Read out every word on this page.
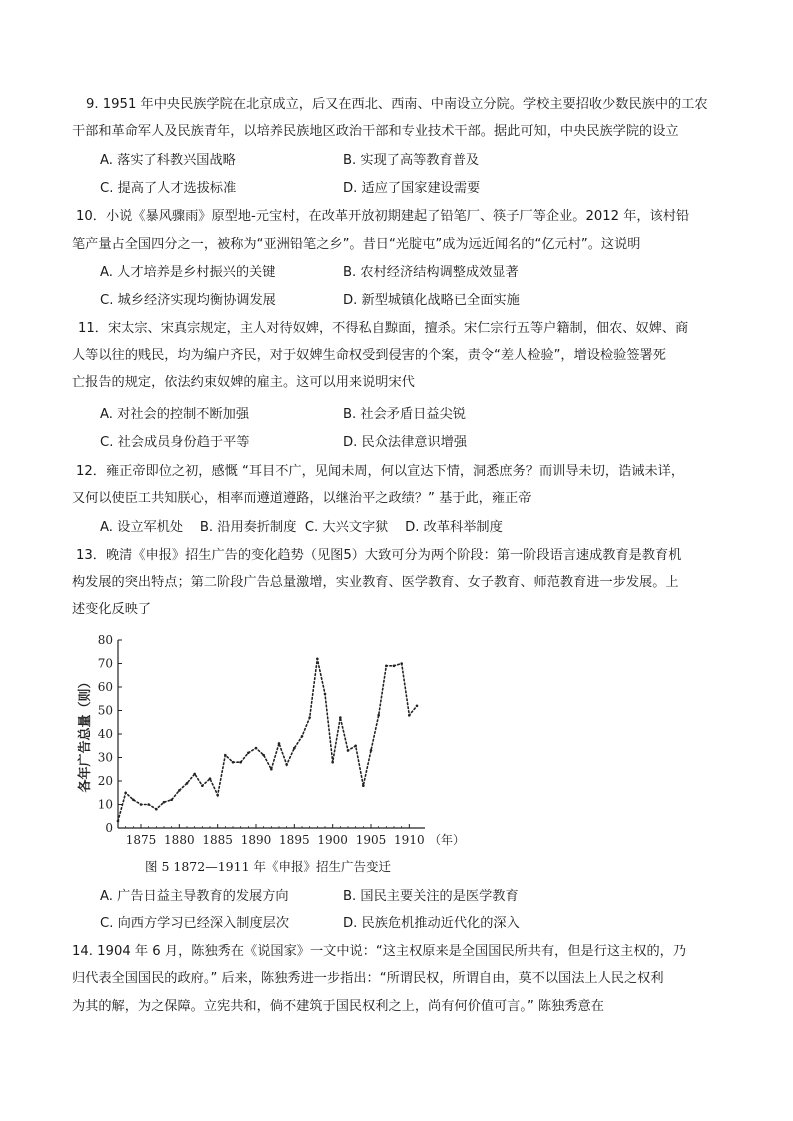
9. 1951 年中央民族学院在北京成立，后又在西北、西南、中南设立分院。学校主要招收少数民族中的工农
干部和革命军人及民族青年，以培养民族地区政治干部和专业技术干部。据此可知，中央民族学院的设立
A. 落实了科教兴国战略	B. 实现了高等教育普及
C. 提高了人才选拔标准	D. 适应了国家建设需要
10．小说《暴风骤雨》原型地-元宝村，在改革开放初期建起了铅笔厂、筷子厂等企业。2012 年，该村铅
笔产量占全国四分之一，被称为“亚洲铅笔之乡”。昔日“光腚屯”成为远近闻名的“亿元村”。这说明
A. 人才培养是乡村振兴的关键	B. 农村经济结构调整成效显著
C. 城乡经济实现均衡协调发展	D. 新型城镇化战略已全面实施
11．宋太宗、宋真宗规定，主人对待奴婢，不得私自黥面，擅杀。宋仁宗行五等户籍制，佃农、奴婢、商
人等以往的贱民，均为编户齐民，对于奴婢生命权受到侵害的个案，责令“差人检验”，增设检验签署死
亡报告的规定，依法约束奴婢的雇主。这可以用来说明宋代
A. 对社会的控制不断加强	B. 社会矛盾日益尖锐
C. 社会成员身份趋于平等	D. 民众法律意识增强
12．雍正帝即位之初，感慨 “耳目不广，见闻未周，何以宣达下情，洞悉庶务？而训导未切，诰诫未详，
又何以使臣工共知朕心，相率而遵道遵路，以继治平之政绩？” 基于此，雍正帝
A. 设立军机处    B. 沿用奏折制度  C. 大兴文字狱    D. 改革科举制度
13．晚清《申报》招生广告的变化趋势（见图5）大致可分为两个阶段：第一阶段语言速成教育是教育机
构发展的突出特点；第二阶段广告总量激增，实业教育、医学教育、女子教育、师范教育进一步发展。上
述变化反映了
0
10
20
30
40
50
60
70
80
1875 1880 1885 1890 1895 1900 1905 1910 （年）
各年广告总量（则）
图 5 1872—1911 年《申报》招生广告变迁
A. 广告日益主导教育的发展方向	B. 国民主要关注的是医学教育
C. 向西方学习已经深入制度层次	D. 民族危机推动近代化的深入
14. 1904 年 6 月，陈独秀在《说国家》一文中说：“这主权原来是全国国民所共有，但是行这主权的，乃
归代表全国国民的政府。” 后来，陈独秀进一步指出：“所谓民权，所谓自由，莫不以国法上人民之权利
为其的解，为之保障。立宪共和，倘不建筑于国民权利之上，尚有何价值可言。” 陈独秀意在
